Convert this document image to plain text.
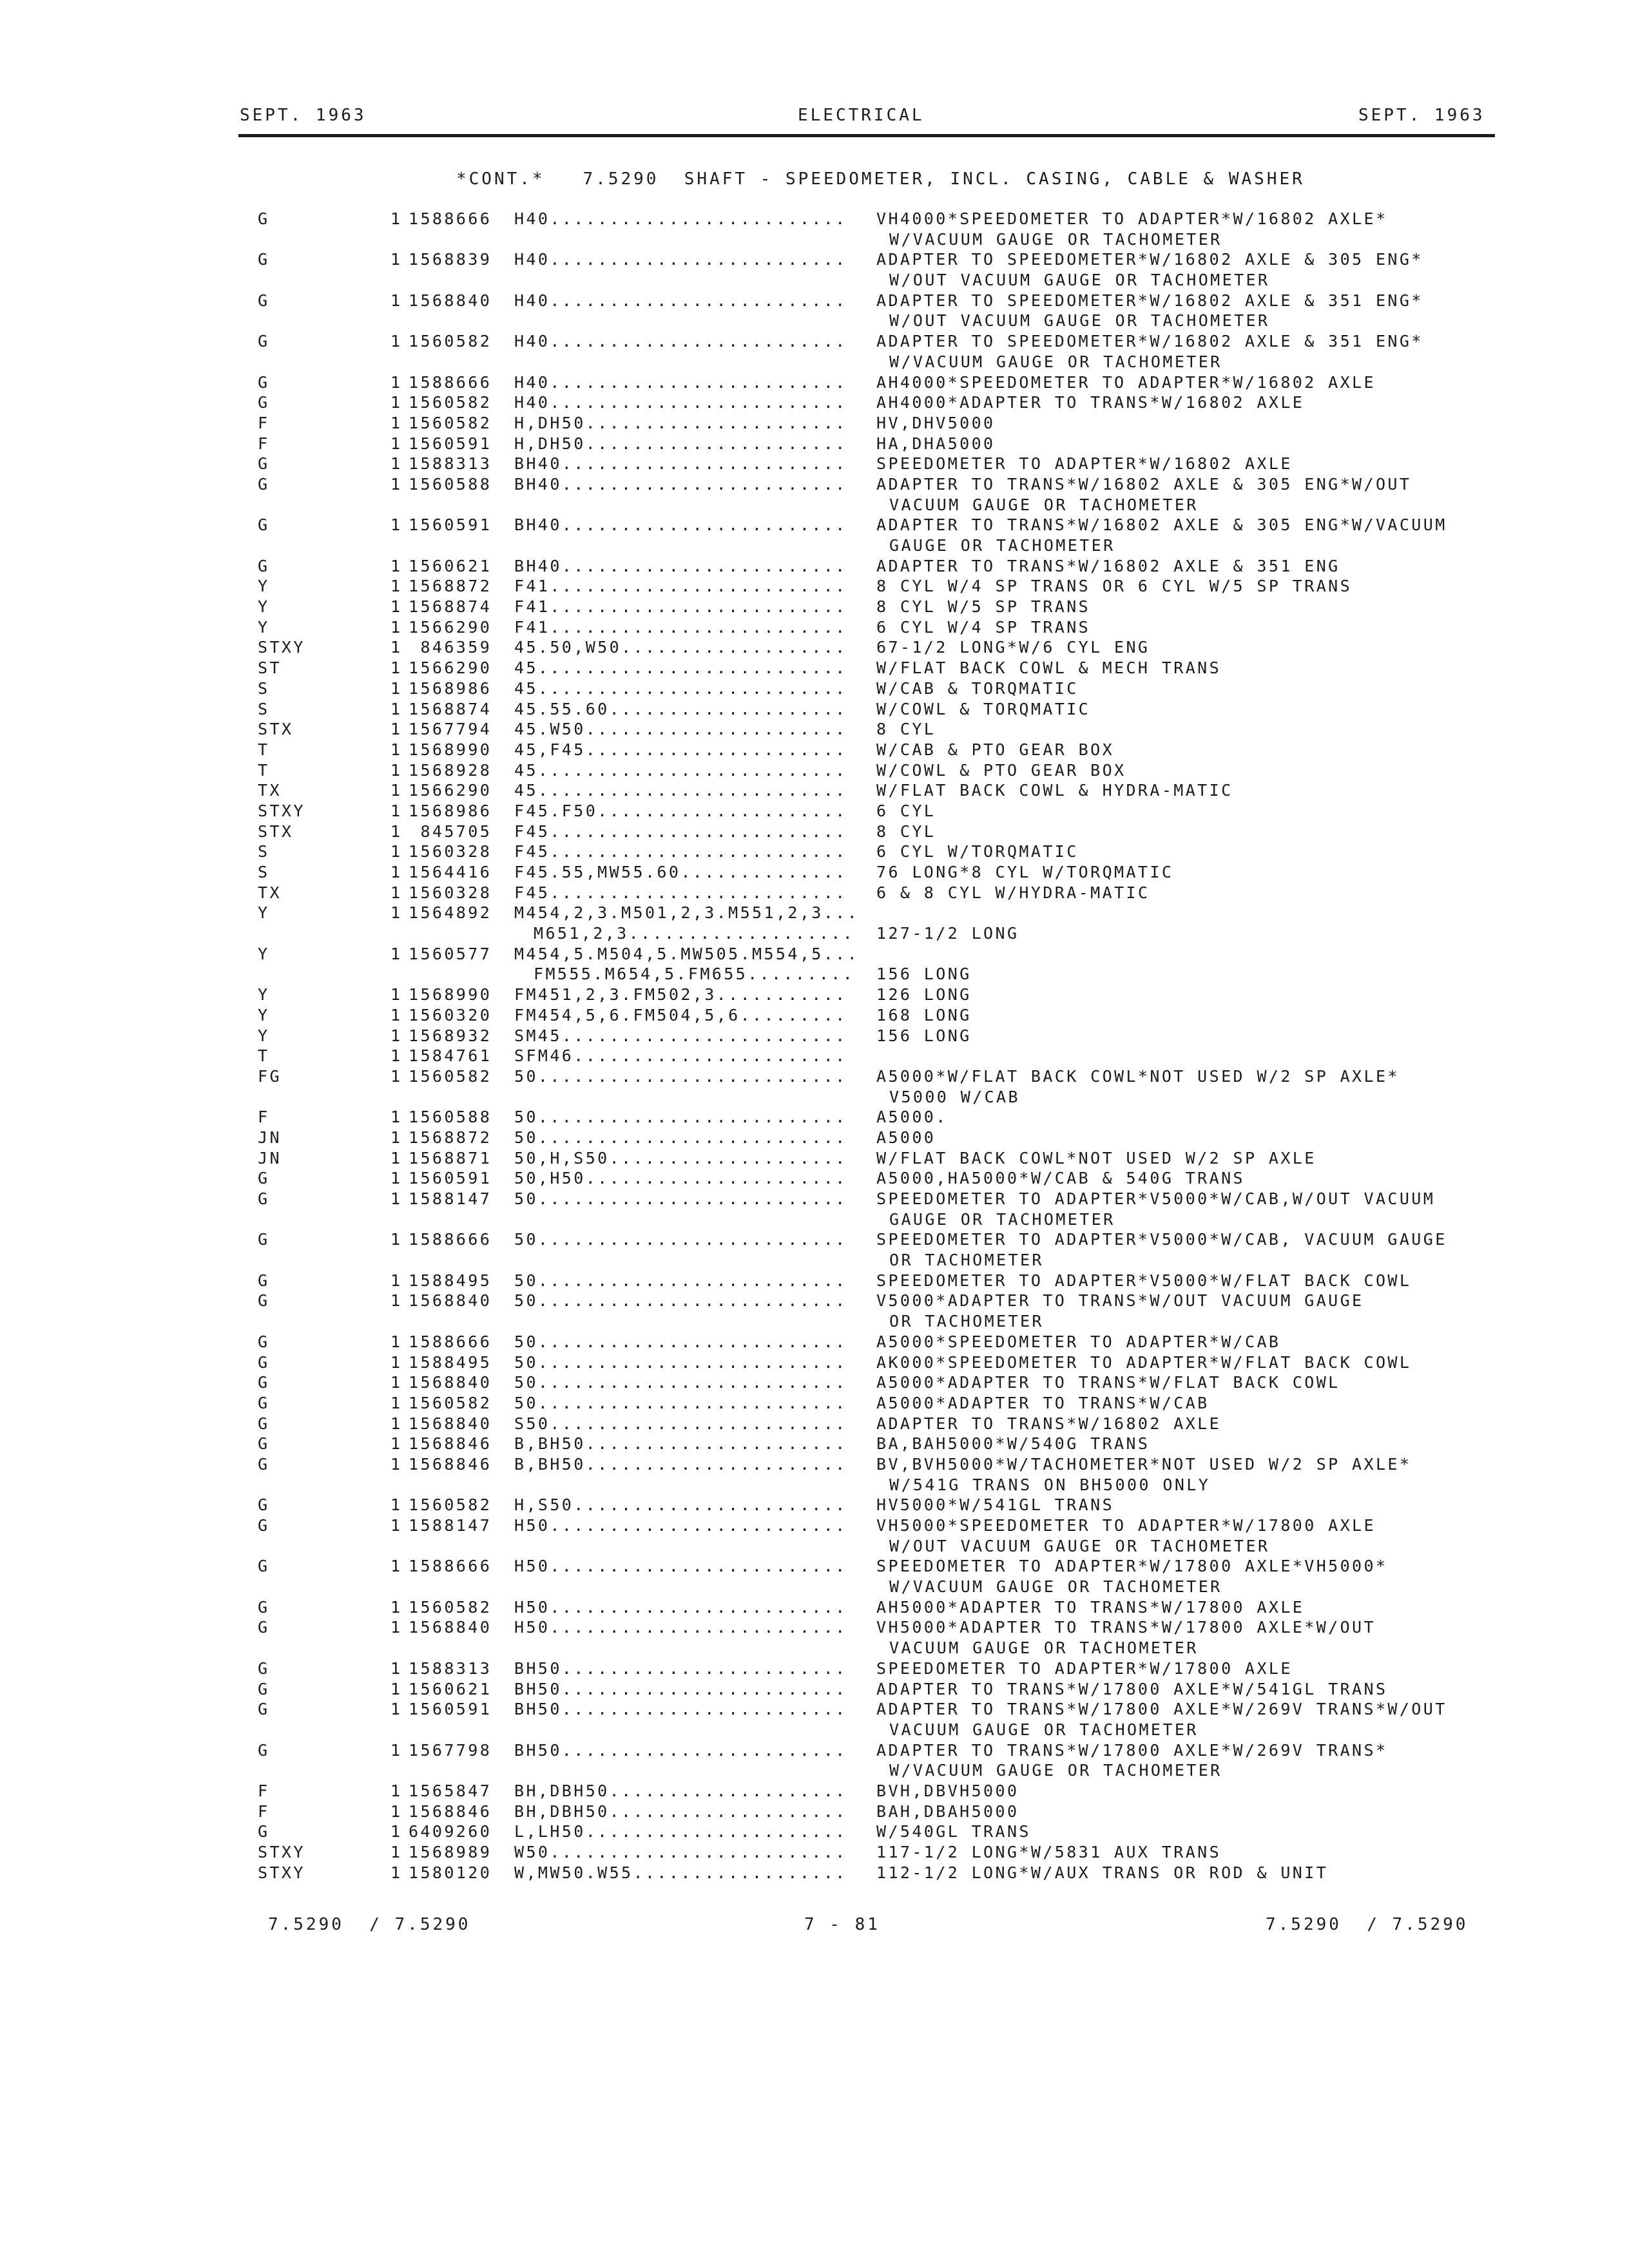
SEPT. 1963	ELECTRICAL	SEPT. 1963
*CONT.*   7.5290  SHAFT - SPEEDOMETER, INCL. CASING, CABLE & WASHER
G	1 1588666 H40......................... VH4000*SPEEDOMETER TO ADAPTER*W/16802 AXLE*
W/VACUUM GAUGE OR TACHOMETER
G	1 1568839 H40......................... ADAPTER TO SPEEDOMETER*W/16802 AXLE & 305 ENG*
W/OUT VACUUM GAUGE OR TACHOMETER
G	1 1568840 H40......................... ADAPTER TO SPEEDOMETER*W/16802 AXLE & 351 ENG*
W/OUT VACUUM GAUGE OR TACHOMETER
G	1 1560582 H40......................... ADAPTER TO SPEEDOMETER*W/16802 AXLE & 351 ENG*
W/VACUUM GAUGE OR TACHOMETER
G	1 1588666 H40......................... AH4000*SPEEDOMETER TO ADAPTER*W/16802 AXLE
G	1 1560582 H40......................... AH4000*ADAPTER TO TRANS*W/16802 AXLE
F	1 1560582 H,DH50...................... HV,DHV5000
F	1 1560591 H,DH50...................... HA,DHA5000
G	1 1588313 BH40........................ SPEEDOMETER TO ADAPTER*W/16802 AXLE
G	1 1560588 BH40........................ ADAPTER TO TRANS*W/16802 AXLE & 305 ENG*W/OUT
VACUUM GAUGE OR TACHOMETER
G	1 1560591 BH40........................ ADAPTER TO TRANS*W/16802 AXLE & 305 ENG*W/VACUUM
GAUGE OR TACHOMETER
G	1 1560621 BH40........................ ADAPTER TO TRANS*W/16802 AXLE & 351 ENG
Y	1 1568872 F41......................... 8 CYL W/4 SP TRANS OR 6 CYL W/5 SP TRANS
Y	1 1568874 F41......................... 8 CYL W/5 SP TRANS
Y	1 1566290 F41......................... 6 CYL W/4 SP TRANS
STXY	1 846359 45.50,W50................... 67-1/2 LONG*W/6 CYL ENG
ST	1 1566290 45.......................... W/FLAT BACK COWL & MECH TRANS
S	1 1568986 45.......................... W/CAB & TORQMATIC
S	1 1568874 45.55.60.................... W/COWL & TORQMATIC
STX	1 1567794 45.W50...................... 8 CYL
T	1 1568990 45,F45...................... W/CAB & PTO GEAR BOX
T	1 1568928 45.......................... W/COWL & PTO GEAR BOX
TX	1 1566290 45.......................... W/FLAT BACK COWL & HYDRA-MATIC
STXY	1 1568986 F45.F50..................... 6 CYL
STX	1 845705 F45......................... 8 CYL
S	1 1560328 F45......................... 6 CYL W/TORQMATIC
S	1 1564416 F45.55,MW55.60.............. 76 LONG*8 CYL W/TORQMATIC
TX	1 1560328 F45......................... 6 & 8 CYL W/HYDRA-MATIC
Y	1 1564892 M454,2,3.M501,2,3.M551,2,3...
M651,2,3................... 127-1/2 LONG
Y	1 1560577 M454,5.M504,5.MW505.M554,5...
FM555.M654,5.FM655......... 156 LONG
Y	1 1568990 FM451,2,3.FM502,3........... 126 LONG
Y	1 1560320 FM454,5,6.FM504,5,6......... 168 LONG
Y	1 1568932 SM45........................ 156 LONG
T	1 1584761 SFM46.......................
FG	1 1560582 50.......................... A5000*W/FLAT BACK COWL*NOT USED W/2 SP AXLE*
V5000 W/CAB
F	1 1560588 50.......................... A5000.
JN	1 1568872 50.......................... A5000
JN	1 1568871 50,H,S50.................... W/FLAT BACK COWL*NOT USED W/2 SP AXLE
G	1 1560591 50,H50...................... A5000,HA5000*W/CAB & 540G TRANS
G	1 1588147 50.......................... SPEEDOMETER TO ADAPTER*V5000*W/CAB,W/OUT VACUUM
GAUGE OR TACHOMETER
G	1 1588666 50.......................... SPEEDOMETER TO ADAPTER*V5000*W/CAB, VACUUM GAUGE
OR TACHOMETER
G	1 1588495 50.......................... SPEEDOMETER TO ADAPTER*V5000*W/FLAT BACK COWL
G	1 1568840 50.......................... V5000*ADAPTER TO TRANS*W/OUT VACUUM GAUGE
OR TACHOMETER
G	1 1588666 50.......................... A5000*SPEEDOMETER TO ADAPTER*W/CAB
G	1 1588495 50.......................... AK000*SPEEDOMETER TO ADAPTER*W/FLAT BACK COWL
G	1 1568840 50.......................... A5000*ADAPTER TO TRANS*W/FLAT BACK COWL
G	1 1560582 50.......................... A5000*ADAPTER TO TRANS*W/CAB
G	1 1568840 S50......................... ADAPTER TO TRANS*W/16802 AXLE
G	1 1568846 B,BH50...................... BA,BAH5000*W/540G TRANS
G	1 1568846 B,BH50...................... BV,BVH5000*W/TACHOMETER*NOT USED W/2 SP AXLE*
W/541G TRANS ON BH5000 ONLY
G	1 1560582 H,S50....................... HV5000*W/541GL TRANS
G	1 1588147 H50......................... VH5000*SPEEDOMETER TO ADAPTER*W/17800 AXLE
W/OUT VACUUM GAUGE OR TACHOMETER
G	1 1588666 H50......................... SPEEDOMETER TO ADAPTER*W/17800 AXLE*VH5000*
W/VACUUM GAUGE OR TACHOMETER
G	1 1560582 H50......................... AH5000*ADAPTER TO TRANS*W/17800 AXLE
G	1 1568840 H50......................... VH5000*ADAPTER TO TRANS*W/17800 AXLE*W/OUT
VACUUM GAUGE OR TACHOMETER
G	1 1588313 BH50........................ SPEEDOMETER TO ADAPTER*W/17800 AXLE
G	1 1560621 BH50........................ ADAPTER TO TRANS*W/17800 AXLE*W/541GL TRANS
G	1 1560591 BH50........................ ADAPTER TO TRANS*W/17800 AXLE*W/269V TRANS*W/OUT
VACUUM GAUGE OR TACHOMETER
G	1 1567798 BH50........................ ADAPTER TO TRANS*W/17800 AXLE*W/269V TRANS*
W/VACUUM GAUGE OR TACHOMETER
F	1 1565847 BH,DBH50.................... BVH,DBVH5000
F	1 1568846 BH,DBH50.................... BAH,DBAH5000
G	1 6409260 L,LH50...................... W/540GL TRANS
STXY	1 1568989 W50......................... 117-1/2 LONG*W/5831 AUX TRANS
STXY	1 1580120 W,MW50.W55.................. 112-1/2 LONG*W/AUX TRANS OR ROD & UNIT
7.5290  / 7.5290	7 - 81	7.5290  / 7.5290
